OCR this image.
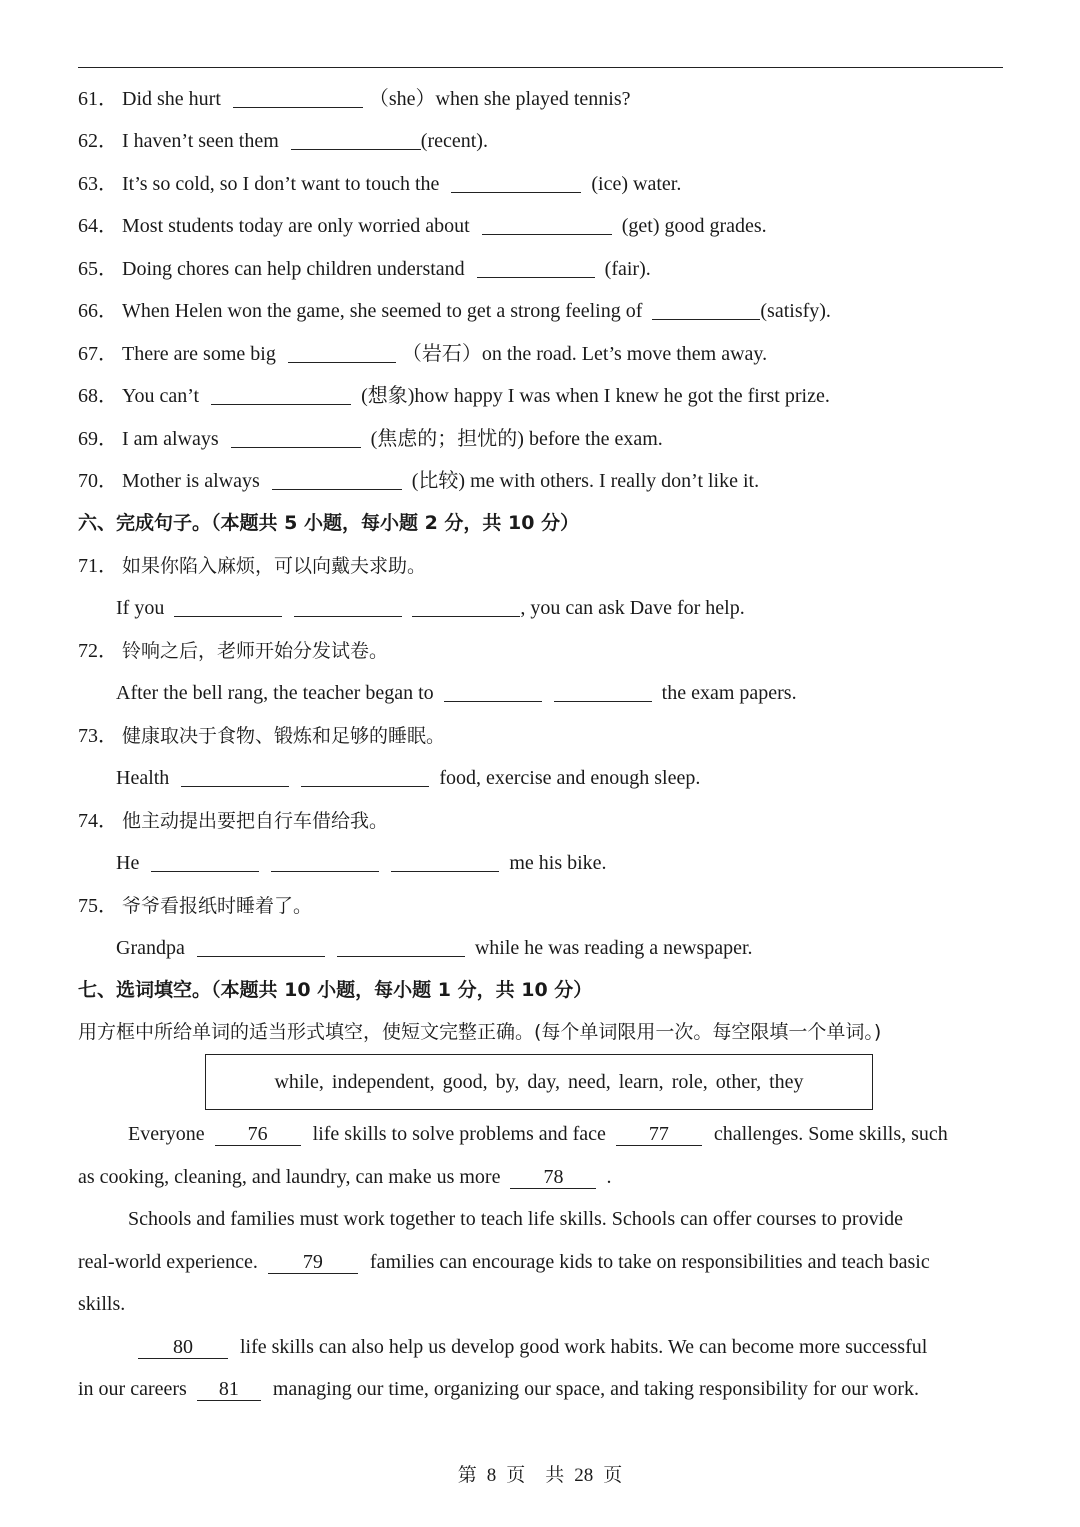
61． Did she hurt	（she）when she played tennis?
62． I haven’t seen them	(recent).
63． It’s so cold, so I don’t want to touch the	(ice) water.
64． Most students today are only worried about	(get) good grades.
65． Doing chores can help children understand	(fair).
66． When Helen won the game, she seemed to get a strong feeling of	(satisfy).
67． There are some big	（岩石）on the road. Let’s move them away.
68． You can’t	(想象)how happy I was when I knew he got the first prize.
69． I am always	(焦虑的；担忧的) before the exam.
70． Mother is always	(比较) me with others. I really don’t like it.
六、完成句子。（本题共 5 小题，每小题 2 分，共 10 分）
71． 如果你陷入麻烦，可以向戴夫求助。
If you	, you can ask Dave for help.
72． 铃响之后，老师开始分发试卷。
After the bell rang, the teacher began to	the exam papers.
73． 健康取决于食物、锻炼和足够的睡眠。
Health	food, exercise and enough sleep.
74． 他主动提出要把自行车借给我。
He	me his bike.
75． 爷爷看报纸时睡着了。
Grandpa	while he was reading a newspaper.
七、选词填空。（本题共 10 小题，每小题 1 分，共 10 分）
用方框中所给单词的适当形式填空，使短文完整正确。(每个单词限用一次。每空限填一个单词。)
while, independent, good, by, day, need, learn, role, other, they
Everyone 76 life skills to solve problems and face 77 challenges. Some skills, such
as cooking, cleaning, and laundry, can make us more 78 .
Schools and families must work together to teach life skills. Schools can offer courses to provide
real-world experience. 79 families can encourage kids to take on responsibilities and teach basic
skills.
80 life skills can also help us develop good work habits. We can become more successful
in our careers 81 managing our time, organizing our space, and taking responsibility for our work.
第 8 页 共 28 页
